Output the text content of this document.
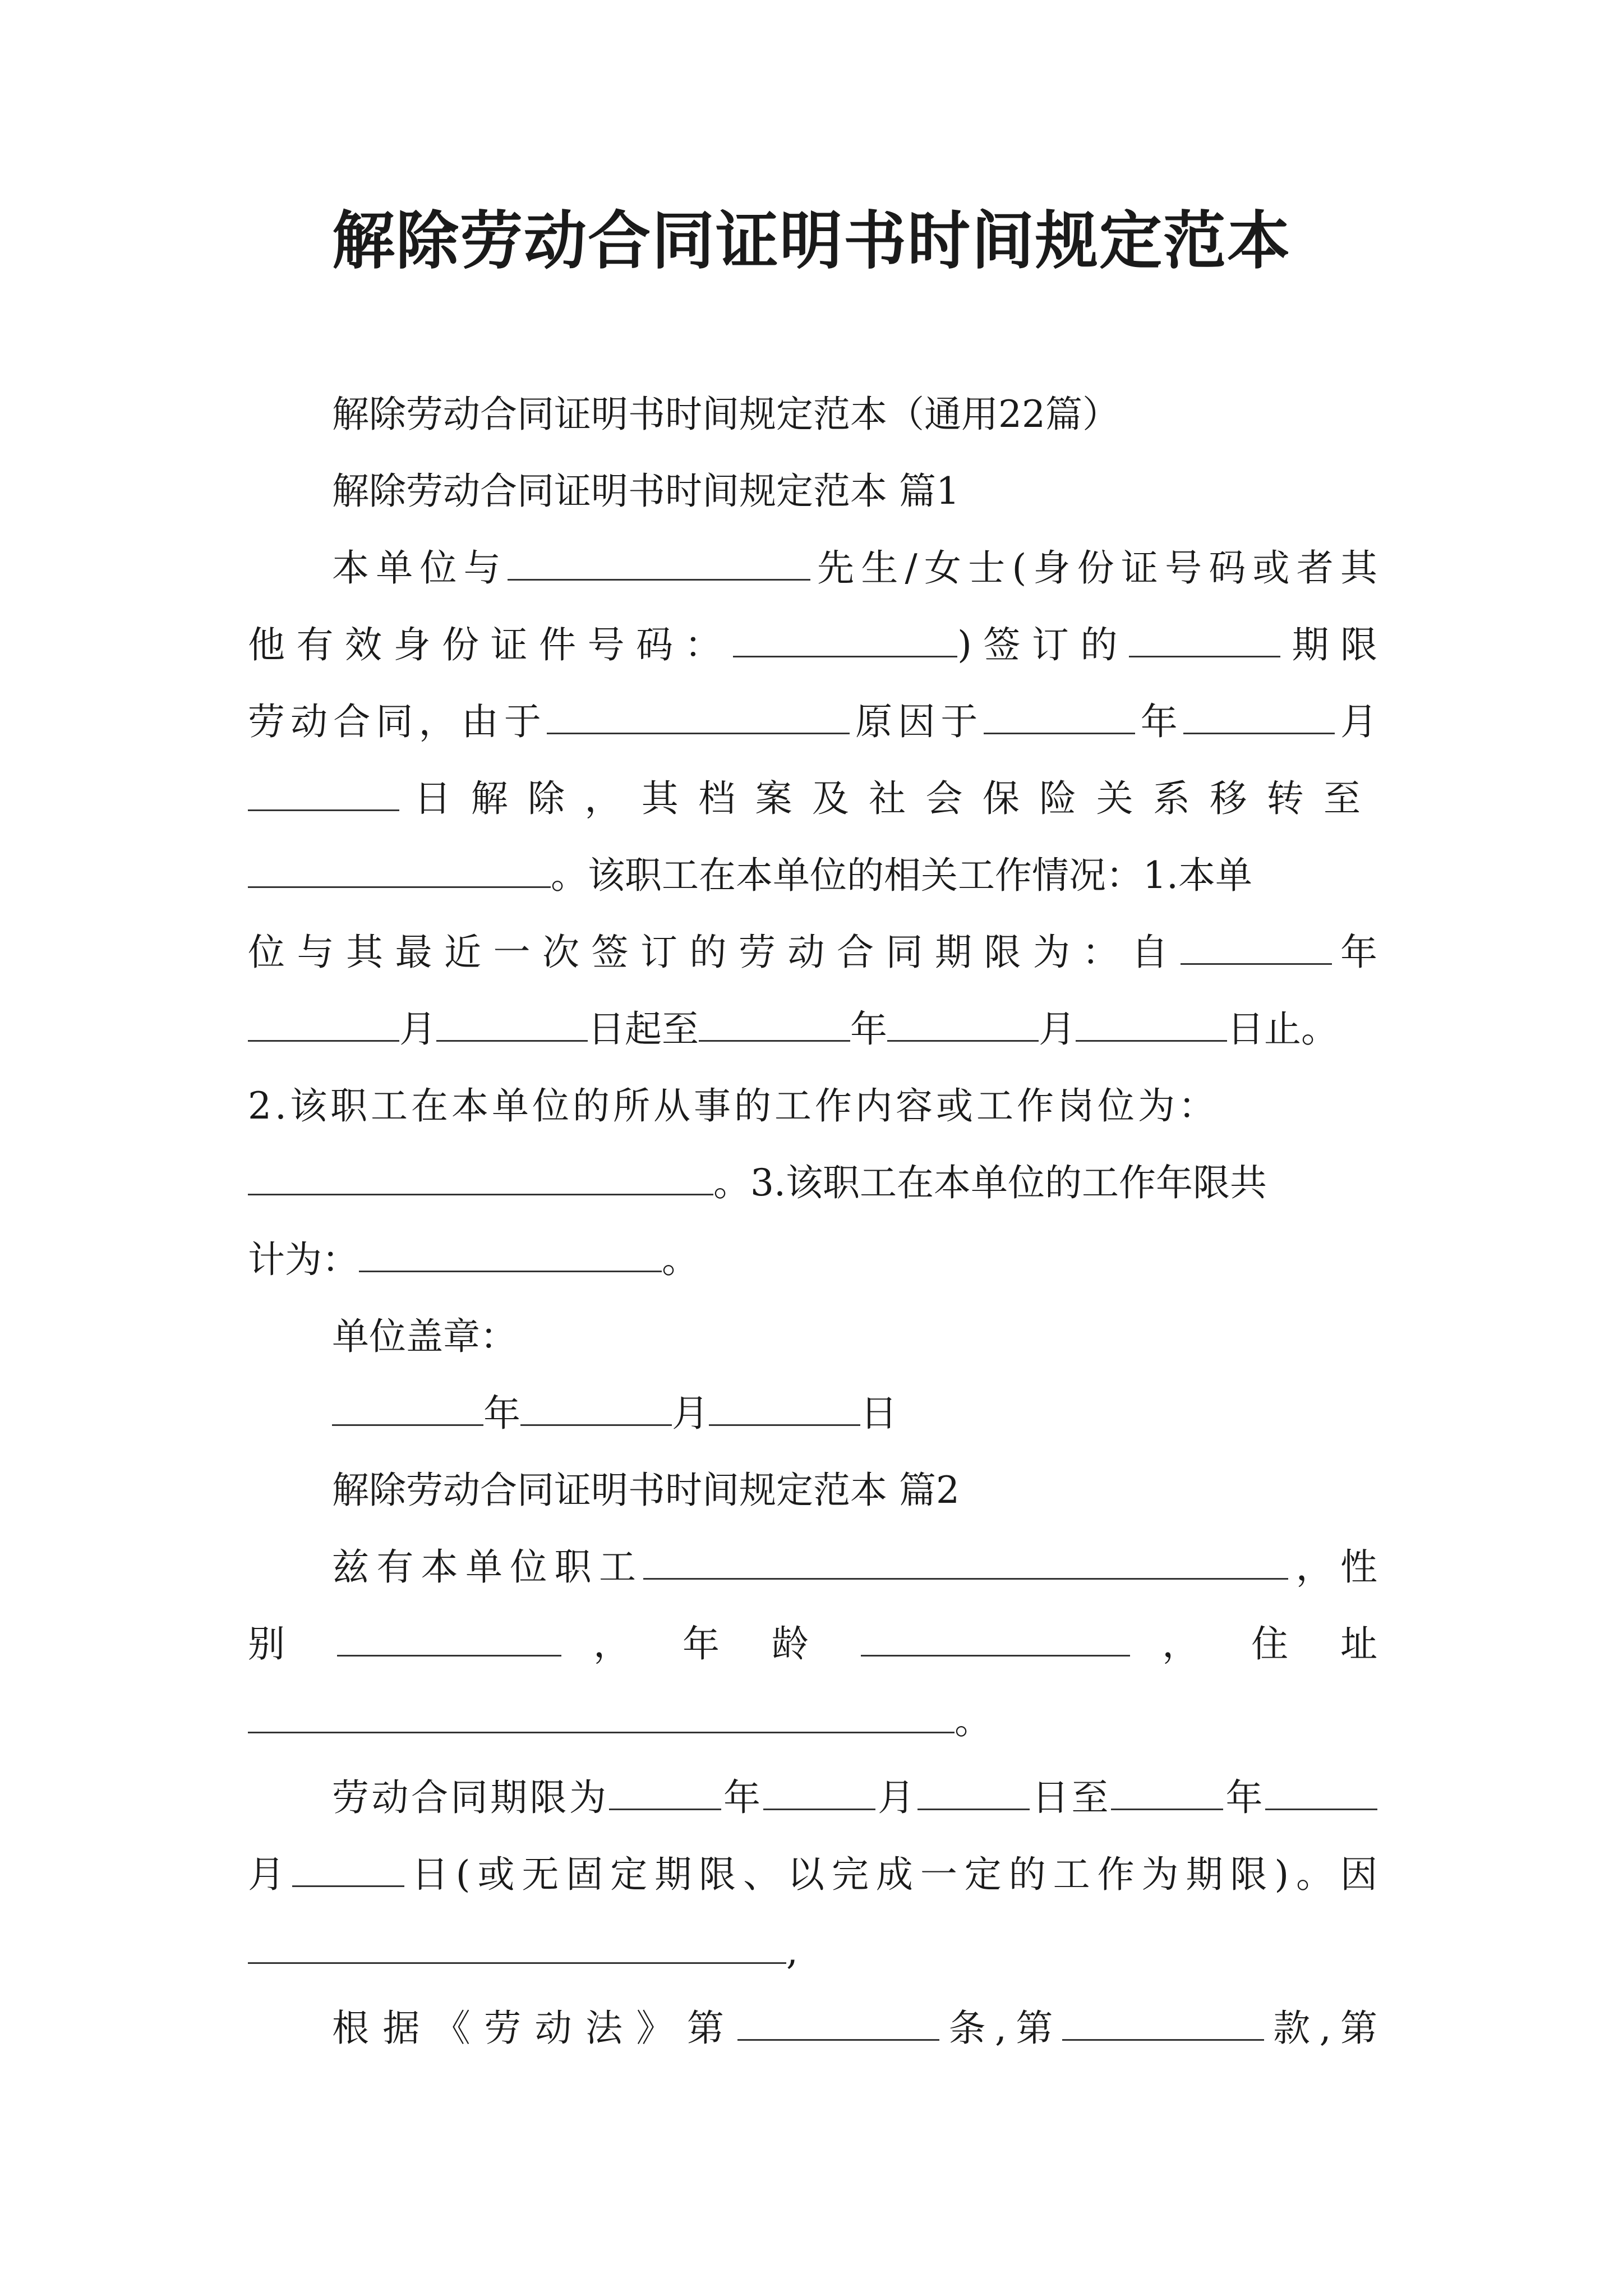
解除劳动合同证明书时间规定范本

解除劳动合同证明书时间规定范本（通用22篇）

解除劳动合同证明书时间规定范本 篇1

本单位与	先生/女士(身份证号码或者其

他有效身份证件号码：	)签订的	期限

劳动合同，由于	原因于	年	月

日解除，其档案及社会保险关系移转至

。该职工在本单位的相关工作情况：1.本单

位与其最近一次签订的劳动合同期限为：自	年

月	日起至	年	月	日止。

2.该职工在本单位的所从事的工作内容或工作岗位为：

。3.该职工在本单位的工作年限共

计为：	。

单位盖章：

年	月	日

解除劳动合同证明书时间规定范本 篇2

兹有本单位职工	，性

别	， 年 龄	， 住 址

。

劳动合同期限为	年	月	日至	年

月	日(或无固定期限、以完成一定的工作为期限)。因

,

根据《劳动法》第	条,第	款,第
